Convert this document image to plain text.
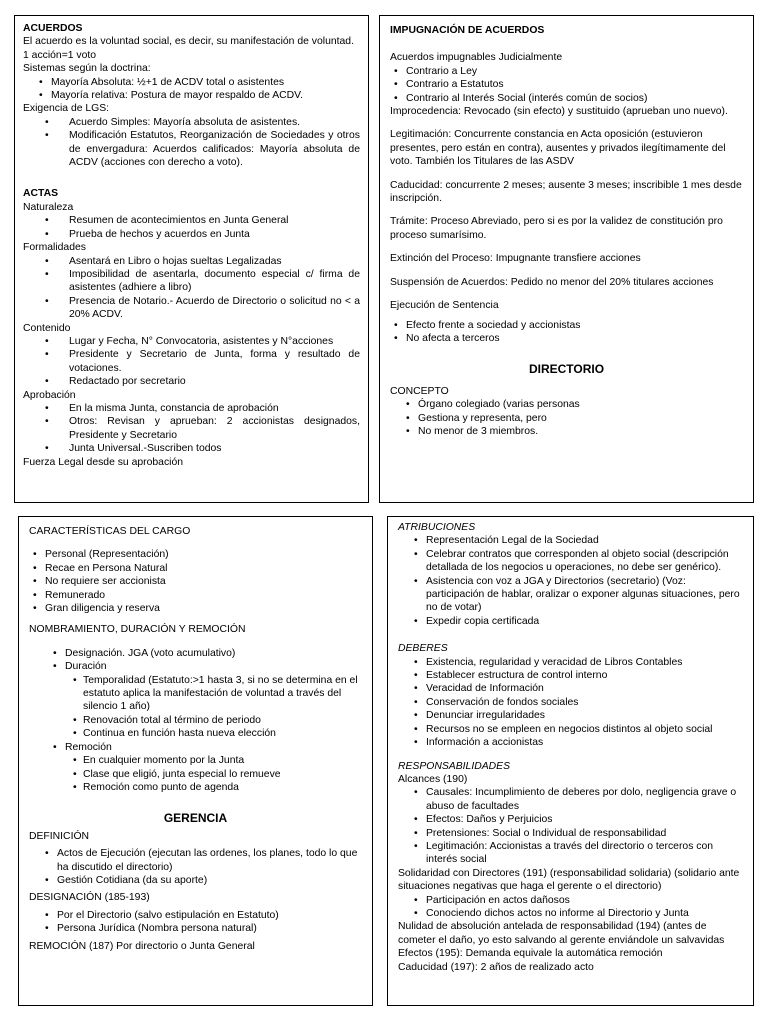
ACUERDOS

El acuerdo es la voluntad social, es decir, su manifestación de voluntad.

1 acción=1 voto

Sistemas según la doctrina:

• Mayoría Absoluta: ½+1 de ACDV total o asistentes
• Mayoría relativa: Postura de mayor respaldo de ACDV.

Exigencia de LGS:

• Acuerdo Simples: Mayoría absoluta de asistentes.
• Modificación Estatutos, Reorganización de Sociedades y otros de envergadura: Acuerdos calificados: Mayoría absoluta de ACDV (acciones con derecho a voto).

ACTAS

Naturaleza

• Resumen de acontecimientos en Junta General
• Prueba de hechos y acuerdos en Junta

Formalidades

• Asentará en Libro o hojas sueltas Legalizadas
• Imposibilidad de asentarla, documento especial c/ firma de asistentes (adhiere a libro)
• Presencia de Notario.- Acuerdo de Directorio o solicitud no < a 20% ACDV.

Contenido

• Lugar y Fecha, N° Convocatoria, asistentes y N°acciones
• Presidente y Secretario de Junta, forma y resultado de votaciones.
• Redactado por secretario

Aprobación

• En la misma Junta, constancia de aprobación
• Otros: Revisan y aprueban: 2 accionistas designados, Presidente y Secretario
• Junta Universal.-Suscriben todos

Fuerza Legal desde su aprobación

IMPUGNACIÓN DE ACUERDOS

Acuerdos impugnables Judicialmente

• Contrario a Ley
• Contrario a Estatutos
• Contrario al Interés Social (interés común de socios)

Improcedencia: Revocado (sin efecto) y sustituido (aprueban uno nuevo).

Legitimación: Concurrente constancia en Acta oposición (estuvieron presentes, pero están en contra), ausentes y privados ilegítimamente del voto. También los Titulares de las ASDV

Caducidad: concurrente 2 meses; ausente 3 meses; inscribible 1 mes desde inscripción.

Trámite: Proceso Abreviado, pero si es por la validez de constitución pro proceso sumarísimo.

Extinción del Proceso: Impugnante transfiere acciones

Suspensión de Acuerdos: Pedido no menor del 20% titulares acciones

Ejecución de Sentencia

• Efecto frente a sociedad y accionistas
• No afecta a terceros

DIRECTORIO

CONCEPTO

• Órgano colegiado (varias personas
• Gestiona y representa, pero
• No menor de 3 miembros.

CARACTERÍSTICAS DEL CARGO

• Personal (Representación)
• Recae en Persona Natural
• No requiere ser accionista
• Remunerado
• Gran diligencia y reserva

NOMBRAMIENTO, DURACIÓN Y REMOCIÓN

• Designación. JGA (voto acumulativo)
• Duración
• Temporalidad (Estatuto:>1 hasta 3, si no se determina en el estatuto aplica la manifestación de voluntad a través del silencio 1 año)
• Renovación total al término de periodo
• Continua en función hasta nueva elección
• Remoción
• En cualquier momento por la Junta
• Clase que eligió, junta especial lo remueve
• Remoción como punto de agenda

GERENCIA

DEFINICIÓN

• Actos de Ejecución (ejecutan las ordenes, los planes, todo lo que ha discutido el directorio)
• Gestión Cotidiana (da su aporte)

DESIGNACIÓN (185-193)

• Por el Directorio (salvo estipulación en Estatuto)
• Persona Jurídica (Nombra persona natural)

REMOCIÓN (187) Por directorio o Junta General

ATRIBUCIONES

• Representación Legal de la Sociedad
• Celebrar contratos que corresponden al objeto social (descripción detallada de los negocios u operaciones, no debe ser genérico).
• Asistencia con voz a JGA y Directorios (secretario) (Voz: participación de hablar, oralizar o exponer algunas situaciones, pero no de votar)
• Expedir copia certificada

DEBERES

• Existencia, regularidad y veracidad de Libros Contables
• Establecer estructura de control interno
• Veracidad de Información
• Conservación de fondos sociales
• Denunciar irregularidades
• Recursos no se empleen en negocios distintos al objeto social
• Información a accionistas

RESPONSABILIDADES

Alcances (190)

• Causales: Incumplimiento de deberes por dolo, negligencia grave o abuso de facultades
• Efectos: Daños y Perjuicios
• Pretensiones: Social o Individual de responsabilidad
• Legitimación: Accionistas a través del directorio o terceros con interés social

Solidaridad con Directores (191) (responsabilidad solidaria) (solidario ante situaciones negativas que haga el gerente o el directorio)

• Participación en actos dañosos
• Conociendo dichos actos no informe al Directorio y Junta

Nulidad de absolución antelada de responsabilidad (194) (antes de cometer el daño, yo esto salvando al gerente enviándole un salvavidas

Efectos (195): Demanda equivale la automática remoción

Caducidad (197): 2 años de realizado acto
